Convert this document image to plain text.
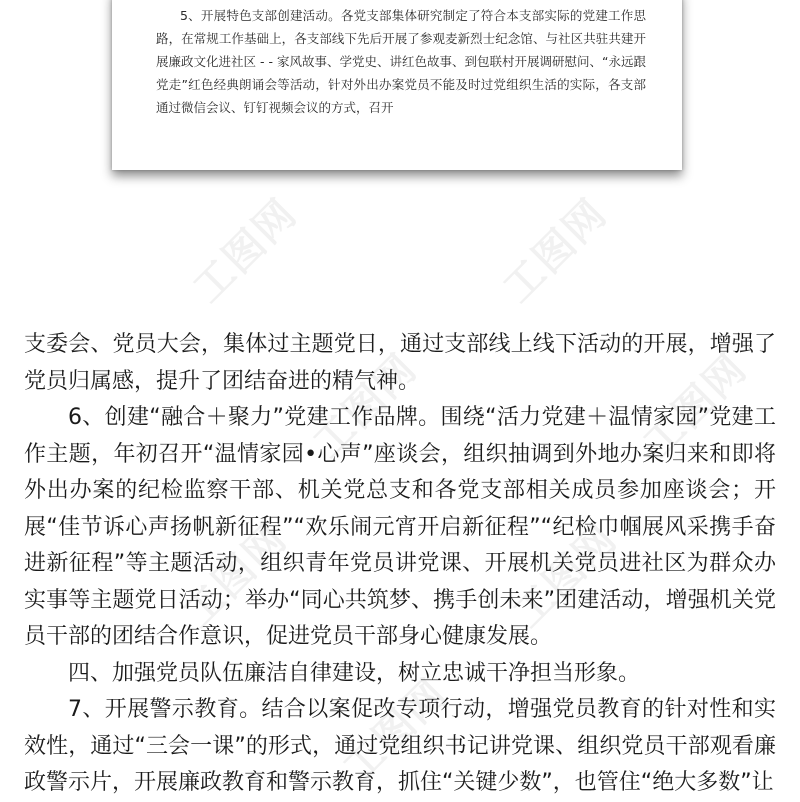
5、开展特色支部创建活动。各党支部集体研究制定了符合本支部实际的党建工作思路，在常规工作基础上，各支部线下先后开展了参观麦新烈士纪念馆、与社区共驻共建开展廉政文化进社区 - - 家风故事、学党史、讲红色故事、到包联村开展调研慰问、“永远跟党走”红色经典朗诵会等活动，针对外出办案党员不能及时过党组织生活的实际，各支部通过微信会议、钉钉视频会议的方式，召开

工图网	工图网
工图网	工图网
工图网	工图网
工图网

支委会、党员大会，集体过主题党日，通过支部线上线下活动的开展，增强了党员归属感，提升了团结奋进的精气神。

6、创建“融合＋聚力”党建工作品牌。围绕“活力党建＋温情家园”党建工作主题，年初召开“温情家园•心声”座谈会，组织抽调到外地办案归来和即将外出办案的纪检监察干部、机关党总支和各党支部相关成员参加座谈会；开展“佳节诉心声扬帆新征程”“欢乐闹元宵开启新征程”“纪检巾帼展风采携手奋进新征程”等主题活动，组织青年党员讲党课、开展机关党员进社区为群众办实事等主题党日活动；举办“同心共筑梦、携手创未来”团建活动，增强机关党员干部的团结合作意识，促进党员干部身心健康发展。

四、加强党员队伍廉洁自律建设，树立忠诚干净担当形象。

7、开展警示教育。结合以案促改专项行动，增强党员教育的针对性和实效性，通过“三会一课”的形式，通过党组织书记讲党课、组织党员干部观看廉政警示片，开展廉政教育和警示教育，抓住“关键少数”，也管住“绝大多数”让
